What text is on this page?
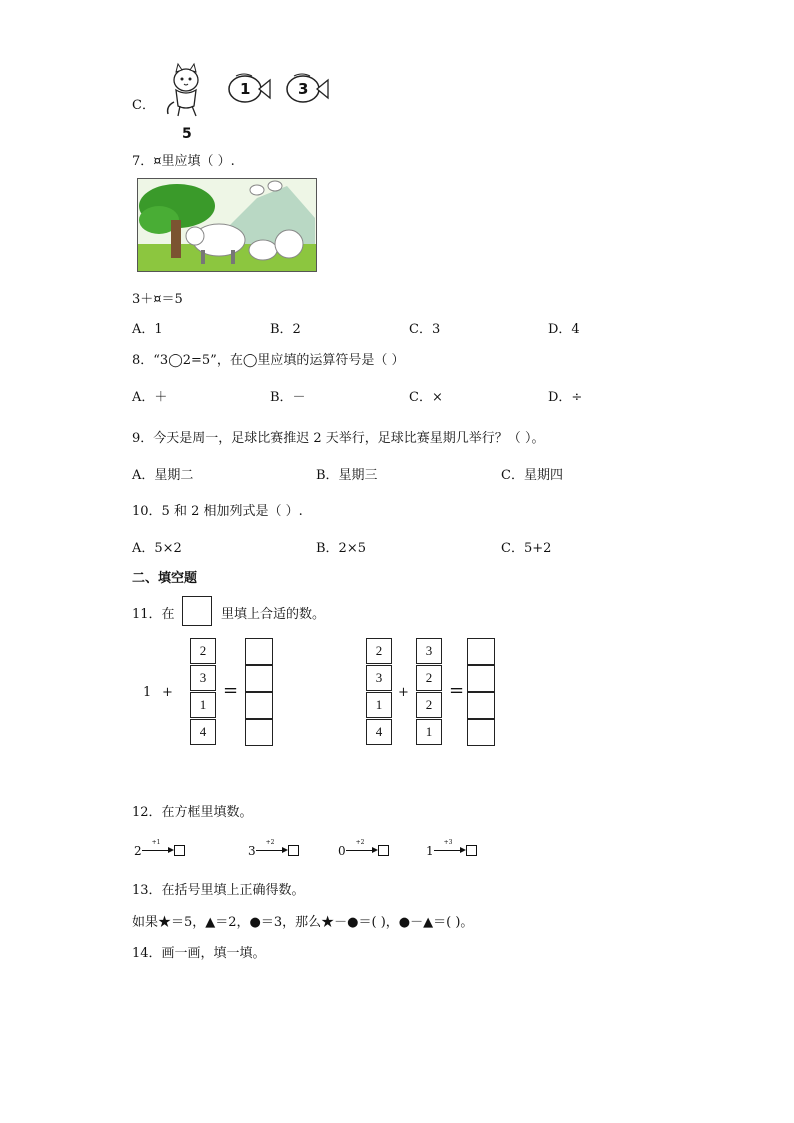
C．
5
1	3
7．¤里应填（ ）.
3＋¤＝5
A．1	B．2	C．3	D．4
8．“3◯2=5”，在◯里应填的运算符号是（ ）
A．＋	B．－	C．×	D．÷
9．今天是周一，足球比赛推迟 2 天举行，足球比赛星期几举行？（ ）。
A．星期二	B．星期三	C．星期四
10．5 和 2 相加列式是（ ）.
A．5×2	B．2×5	C．5+2
二、填空题
11．在	里填上合适的数。
1 +
2
3
1
4
=
2
3
1
4
+
3
2
2
1
=
12．在方框里填数。
2
+1
3
+2
0
+2
1
+3
13．在括号里填上正确得数。
如果★＝5，▲＝2，●＝3，那么★－●＝( )，●－▲＝( )。
14．画一画，填一填。
